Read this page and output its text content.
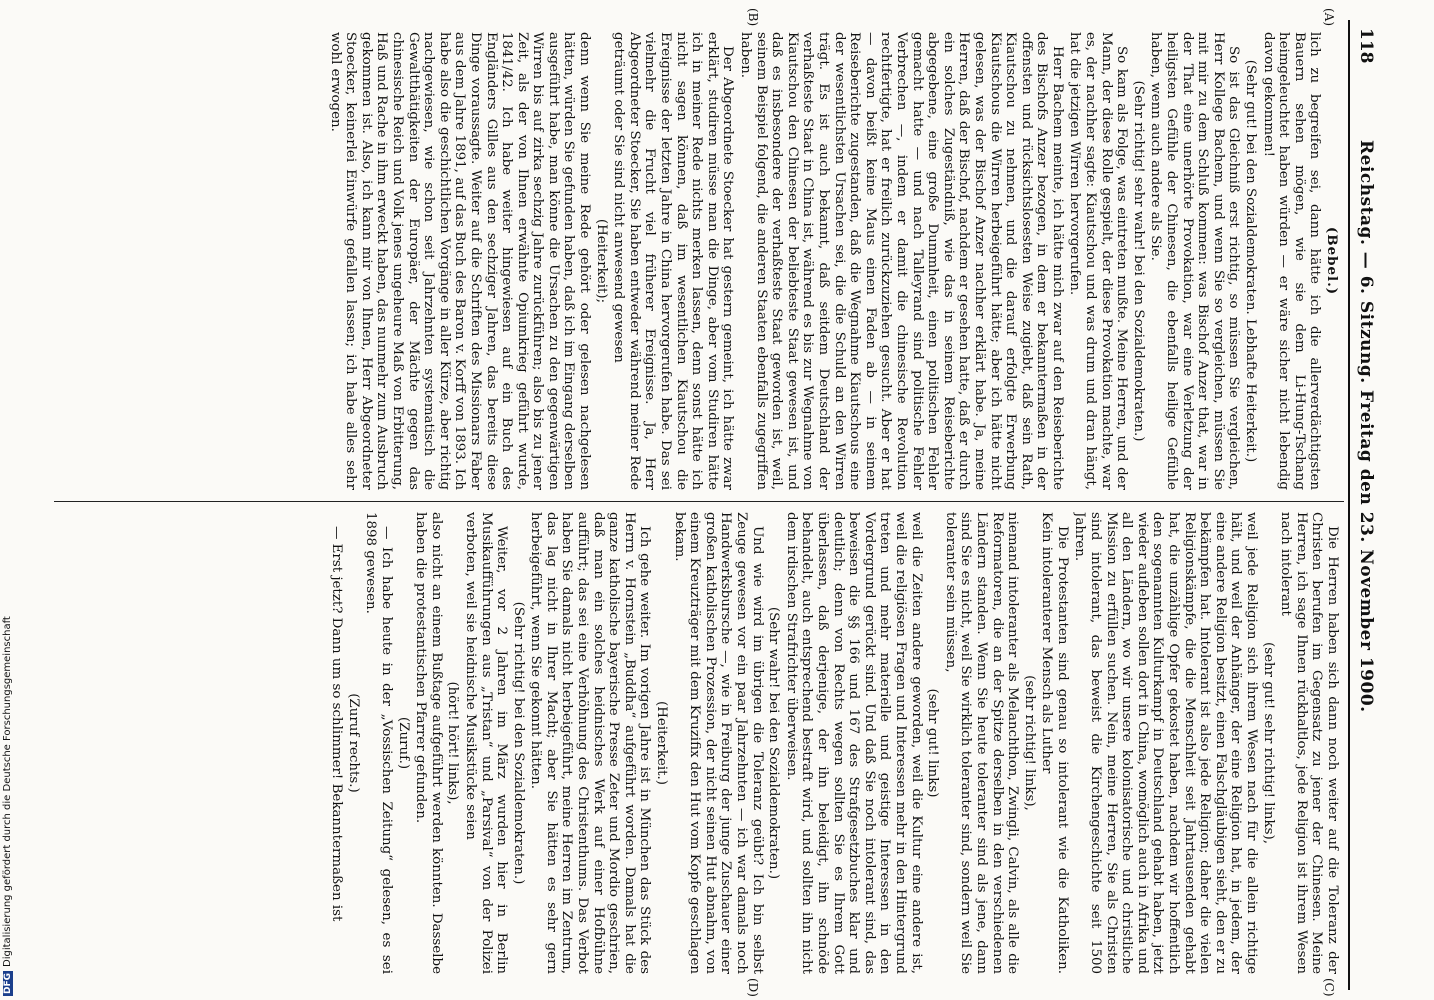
118
Reichstag. — 6. Sitzung. Freitag den 23. November 1900.
(A)
(B)
(C)
(D)

(Bebel.)

lich zu begreifen sei, dann hätte ich die allerverdächtigsten Bauern sehen mögen, wie sie dem Li-Hung-Tschang heimgeleuchtet haben würden — er wäre sicher nicht lebendig davon gekommen!

(Sehr gut! bei den Sozialdemokraten. Lebhafte Heiterkeit.)

So ist das Gleichniß erst richtig, so müssen Sie vergleichen, Herr Kollege Bachem, und wenn Sie so vergleichen, müssen Sie mit mir zu dem Schluß kommen: was Bischof Anzer that, war in der That eine unerhörte Provokation, war eine Verletzung der heiligsten Gefühle der Chinesen, die ebenfalls heilige Gefühle haben, wenn auch andere als Sie.

(Sehr richtig! sehr wahr! bei den Sozialdemokraten.)

So kam als Folge, was eintreten mußte. Meine Herren, und der Mann, der diese Rolle gespielt, der diese Provokation machte, war es, der nachher sagte: Kiautschou und was drum und dran hängt, hat die jetzigen Wirren hervorgerufen.

Herr Bachem meinte, ich hätte mich zwar auf den Reiseberichte des Bischofs Anzer bezogen, in dem er bekanntermaßen in der offensten und rücksichtslosesten Weise zugiebt, daß sein Rath, Kiautschou zu nehmen, und die darauf erfolgte Erwerbung Kiautschous die Wirren herbeigeführt hätte; aber ich hätte nicht gelesen, was der Bischof Anzer nachher erklärt habe. Ja, meine Herren, daß der Bischof, nachdem er gesehen hatte, daß er durch ein solches Zugeständniß, wie das in seinem Reiseberichte abgegebene, eine große Dummheit, einen politischen Fehler gemacht hatte — und nach Talleyrand sind politische Fehler Verbrechen —, indem er damit die chinesische Revolution rechtfertigte, hat er freilich zurückzuziehen gesucht. Aber er hat — davon beißt keine Maus einen Faden ab — in seinem Reiseberichte zugestanden, daß die Wegnahme Kiautschous eine der wesentlichsten Ursachen sei, die die Schuld an den Wirren trägt. Es ist auch bekannt, daß seitdem Deutschland der verhaßteste Staat in China ist, während es bis zur Wegnahme von Kiautschou den Chinesen der beliebteste Staat gewesen ist, und daß es insbesondere der verhaßteste Staat geworden ist, weil, seinem Beispiel folgend, die anderen Staaten ebenfalls zugegriffen haben.

Der Abgeordnete Stoecker hat gestern gemeint, ich hätte zwar erklärt, studiren müsse man die Dinge, aber vom Studiren hätte ich in meiner Rede nichts merken lassen, denn sonst hätte ich nicht sagen können, daß im wesentlichen Kiautschou die Ereignisse der letzten Jahre in China hervorgerufen habe. Das sei vielmehr die Frucht viel früherer Ereignisse. Ja, Herr Abgeordneter Stoecker, Sie haben entweder während meiner Rede geträumt oder Sie sind nicht anwesend gewesen

(Heiterkeit);

denn wenn Sie meine Rede gehört oder gelesen nachgelesen hätten, würden Sie gefunden haben, daß ich im Eingang derselben ausgeführt habe, man könne die Ursachen zu den gegenwärtigen Wirren bis auf zirka sechzig Jahre zurückführen; also bis zu jener Zeit, als der von Ihnen erwähnte Opiumkrieg geführt wurde, 1841/42. Ich habe weiter hingewiesen auf ein Buch des Engländers Gilles aus den sechziger Jahren, das bereits diese Dinge voraussagte. Weiter auf die Schriften des Missionars Faber aus dem Jahre 1891, auf das Buch des Baron v. Korff von 1893. Ich habe also die geschichtlichen Vorgänge in aller Kürze, aber richtig nachgewiesen, wie schon seit Jahrzehnten systematisch die Gewaltthätigkeiten der Europäer, der Mächte gegen das chinesische Reich und Volk jenes ungeheure Maß von Erbitterung, Haß und Rache in ihm erweckt haben, das nunmehr zum Ausbruch gekommen ist. Also, ich kann mir von Ihnen, Herr Abgeordneter Stoecker, keinerlei Einwürfe gefallen lassen; ich habe alles sehr wohl erwogen.

Die Herren haben sich dann noch weiter auf die Toleranz der Christen berufen im Gegensatz zu jener der Chinesen. Meine Herren, ich sage Ihnen rückhaltlos, jede Religion ist ihrem Wesen nach intolerant

(sehr gut! sehr richtig! links),

weil jede Religion sich ihrem Wesen nach für die allein richtige hält, und weil der Anhänger, der eine Religion hat, in jedem, der eine andere Religion besitzt, einen Falschgläubigen sieht, den er zu bekämpfen hat. Intolerant ist also jede Religion; daher die vielen Religionskämpfe, die die Menschheit seit Jahrtausenden gehabt hat, die unzählige Opfer gekostet haben, nachdem wir hoffentlich den sogenannten Kulturkampf in Deutschland gehabt haben, jetzt wieder aufleben sollen dort in China, womöglich auch in Afrika und all den Ländern, wo wir unsere kolonisatorische und christliche Mission zu erfüllen suchen. Nein, meine Herren, Sie als Christen sind intolerant, das beweist die Kirchengeschichte seit 1500 Jahren.

Die Protestanten sind genau so intolerant wie die Katholiken. Kein intoleranterer Mensch als Luther

(sehr richtig! links),

niemand intoleranter als Melanchthon, Zwingli, Calvin, als alle die Reformatoren, die an der Spitze derselben in den verschiedenen Ländern standen. Wenn Sie heute toleranter sind als jene, dann sind Sie es nicht, weil Sie wirklich toleranter sind, sondern weil Sie toleranter sein müssen,

(sehr gut! links)

weil die Zeiten andere geworden, weil die Kultur eine andere ist, weil die religiösen Fragen und Interessen mehr in den Hintergrund treten und mehr materielle und geistige Interessen in den Vordergrund gerückt sind. Und daß Sie noch intolerant sind, das beweisen die §§ 166 und 167 des Strafgesetzbuches klar und deutlich; denn von Rechts wegen sollten Sie es Ihrem Gott überlassen, daß derjenige, der ihn beleidigt, ihn schnöde behandelt, auch entsprechend bestraft wird, und sollten ihn nicht dem irdischen Strafrichter überweisen.

(Sehr wahr! bei den Sozialdemokraten.)

Und wie wird im übrigen die Toleranz geübt? Ich bin selbst Zeuge gewesen vor ein paar Jahrzehnten — ich war damals noch Handwerksbursche —, wie in Freiburg der junge Zuschauer einer großen katholischen Prozession, der nicht seinen Hut abnahm, von einem Kreuzträger mit dem Kruzifix den Hut vom Kopfe geschlagen bekam.

(Heiterkeit.)

Ich gehe weiter. Im vorigen Jahre ist in München das Stück des Herrn v. Hornstein „Buddha“ aufgeführt worden. Damals hat die ganze katholische bayerische Presse Zeter und Mordio geschrien, daß man ein solches heidnisches Werk auf einer Hofbühne aufführt; das sei eine Verhöhnung des Christenthums. Das Verbot haben Sie damals nicht herbeigeführt, meine Herren im Zentrum, das lag nicht in Ihrer Macht; aber Sie hätten es sehr gern herbeigeführt, wenn Sie gekonnt hätten.

(Sehr richtig! bei den Sozialdemokraten.)

Weiter, vor 2 Jahren im März wurden hier in Berlin Musikaufführungen aus „Tristan“ und „Parsival“ von der Polizei verboten, weil sie heidnische Musikstücke seien

(hört! hört! links),

also nicht an einem Bußtage aufgeführt werden könnten. Dasselbe haben die protestantischen Pfarrer gefunden.

(Zuruf.)

— Ich habe heute in der „Vossischen Zeitung“ gelesen, es sei 1898 gewesen.

(Zuruf rechts.)

— Erst jetzt? Dann um so schlimmer! Bekanntermaßen ist

DFGDigitalisierung gefördert durch die Deutsche Forschungsgemeinschaft
